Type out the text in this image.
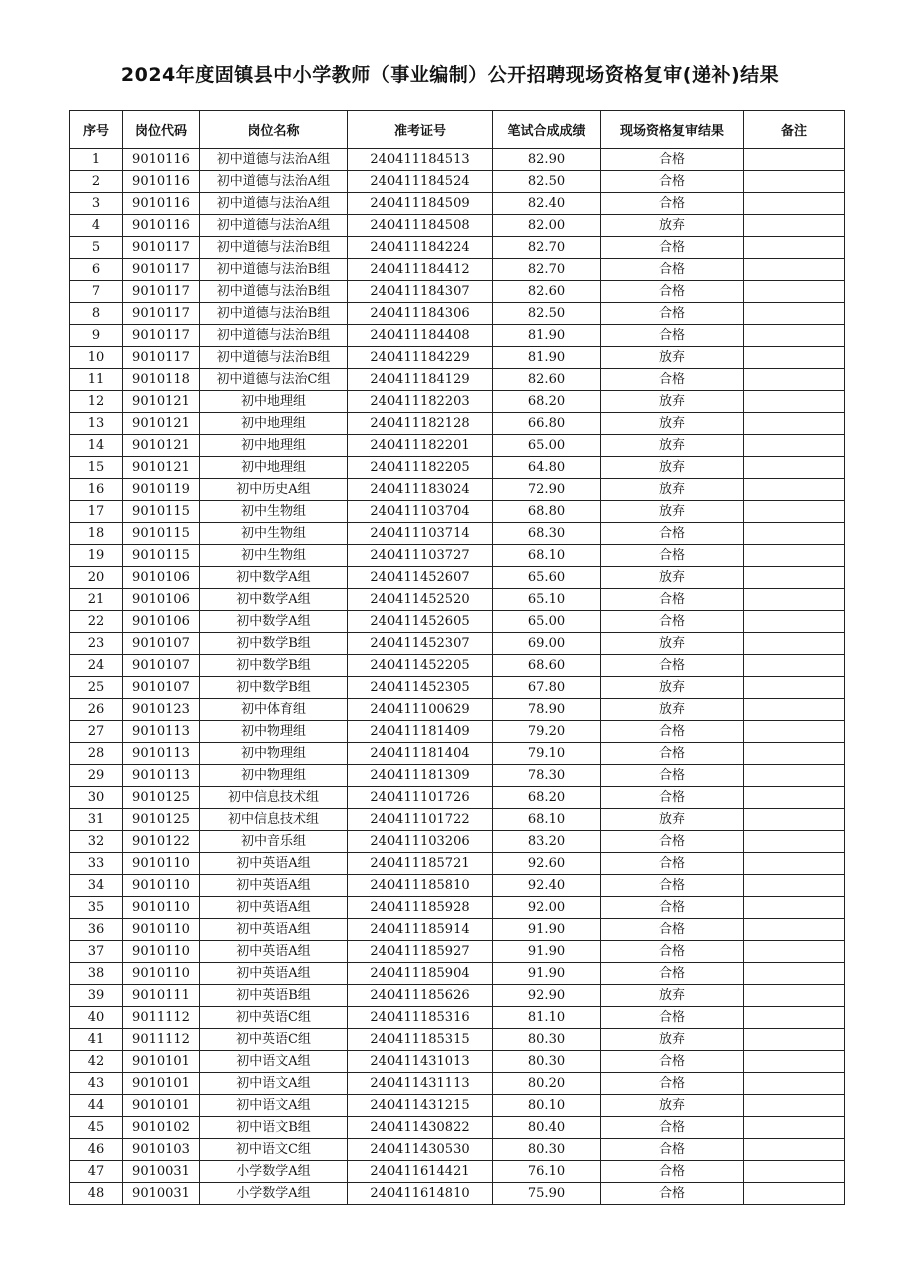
2024年度固镇县中小学教师（事业编制）公开招聘现场资格复审(递补)结果
序号	岗位代码	岗位名称	准考证号	笔试合成成绩	现场资格复审结果	备注
1	9010116	初中道德与法治A组	240411184513	82.90	合格	
2	9010116	初中道德与法治A组	240411184524	82.50	合格	
3	9010116	初中道德与法治A组	240411184509	82.40	合格	
4	9010116	初中道德与法治A组	240411184508	82.00	放弃	
5	9010117	初中道德与法治B组	240411184224	82.70	合格	
6	9010117	初中道德与法治B组	240411184412	82.70	合格	
7	9010117	初中道德与法治B组	240411184307	82.60	合格	
8	9010117	初中道德与法治B组	240411184306	82.50	合格	
9	9010117	初中道德与法治B组	240411184408	81.90	合格	
10	9010117	初中道德与法治B组	240411184229	81.90	放弃	
11	9010118	初中道德与法治C组	240411184129	82.60	合格	
12	9010121	初中地理组	240411182203	68.20	放弃	
13	9010121	初中地理组	240411182128	66.80	放弃	
14	9010121	初中地理组	240411182201	65.00	放弃	
15	9010121	初中地理组	240411182205	64.80	放弃	
16	9010119	初中历史A组	240411183024	72.90	放弃	
17	9010115	初中生物组	240411103704	68.80	放弃	
18	9010115	初中生物组	240411103714	68.30	合格	
19	9010115	初中生物组	240411103727	68.10	合格	
20	9010106	初中数学A组	240411452607	65.60	放弃	
21	9010106	初中数学A组	240411452520	65.10	合格	
22	9010106	初中数学A组	240411452605	65.00	合格	
23	9010107	初中数学B组	240411452307	69.00	放弃	
24	9010107	初中数学B组	240411452205	68.60	合格	
25	9010107	初中数学B组	240411452305	67.80	放弃	
26	9010123	初中体育组	240411100629	78.90	放弃	
27	9010113	初中物理组	240411181409	79.20	合格	
28	9010113	初中物理组	240411181404	79.10	合格	
29	9010113	初中物理组	240411181309	78.30	合格	
30	9010125	初中信息技术组	240411101726	68.20	合格	
31	9010125	初中信息技术组	240411101722	68.10	放弃	
32	9010122	初中音乐组	240411103206	83.20	合格	
33	9010110	初中英语A组	240411185721	92.60	合格	
34	9010110	初中英语A组	240411185810	92.40	合格	
35	9010110	初中英语A组	240411185928	92.00	合格	
36	9010110	初中英语A组	240411185914	91.90	合格	
37	9010110	初中英语A组	240411185927	91.90	合格	
38	9010110	初中英语A组	240411185904	91.90	合格	
39	9010111	初中英语B组	240411185626	92.90	放弃	
40	9011112	初中英语C组	240411185316	81.10	合格	
41	9011112	初中英语C组	240411185315	80.30	放弃	
42	9010101	初中语文A组	240411431013	80.30	合格	
43	9010101	初中语文A组	240411431113	80.20	合格	
44	9010101	初中语文A组	240411431215	80.10	放弃	
45	9010102	初中语文B组	240411430822	80.40	合格	
46	9010103	初中语文C组	240411430530	80.30	合格	
47	9010031	小学数学A组	240411614421	76.10	合格	
48	9010031	小学数学A组	240411614810	75.90	合格	
